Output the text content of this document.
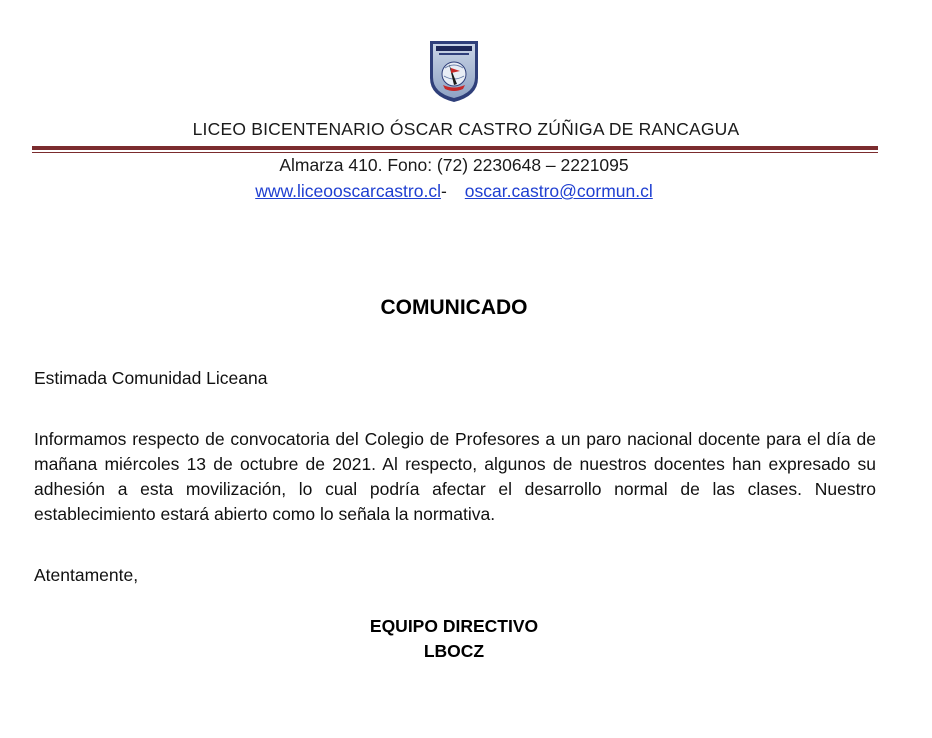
LICEO BICENTENARIO ÓSCAR CASTRO ZÚÑIGA DE RANCAGUA
Almarza 410. Fono: (72) 2230648 – 2221095
www.liceooscarcastro.cl- oscar.castro@cormun.cl
COMUNICADO
Estimada Comunidad Liceana
Informamos respecto de convocatoria del Colegio de Profesores a un paro nacional docente para el día de mañana miércoles 13 de octubre de 2021. Al respecto, algunos de nuestros docentes han expresado su adhesión a esta movilización, lo cual podría afectar el desarrollo normal de las clases. Nuestro establecimiento estará abierto como lo señala la normativa.
Atentamente,
EQUIPO DIRECTIVO
LBOCZ
